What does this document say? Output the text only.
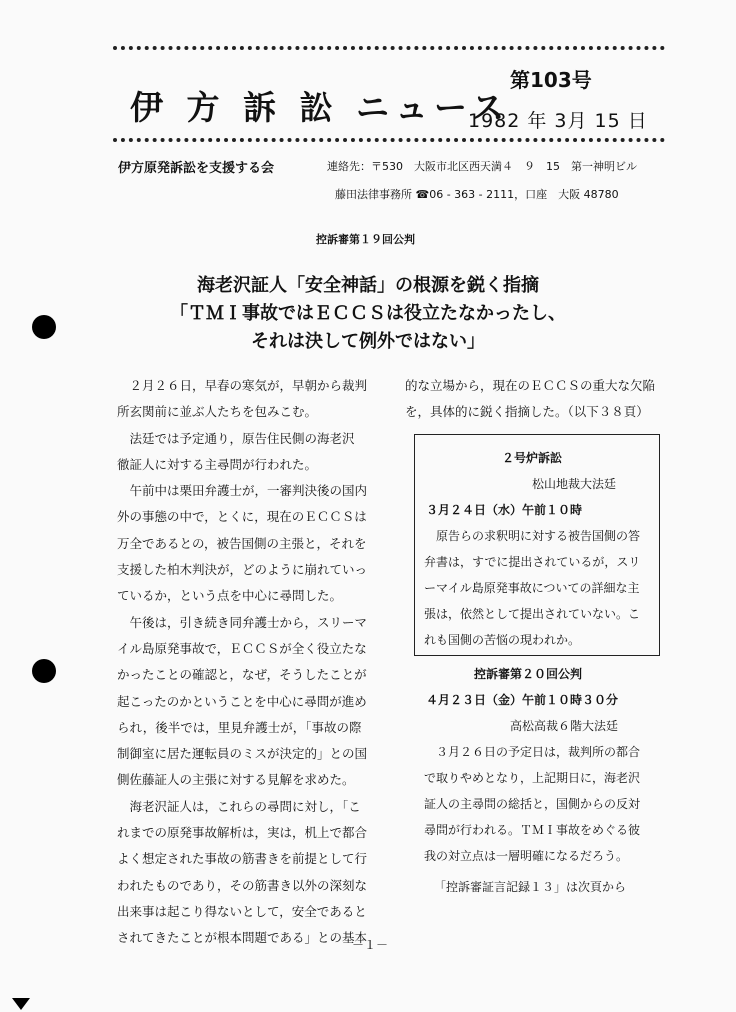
第103号
伊 方 訴 訟 ニュース
1982 年 3月 15 日
伊方原発訴訟を支援する会	連絡先：〒530　大阪市北区西天満４　９　15　第一神明ビル
藤田法律事務所 ☎06 - 363 - 2111，口座　大阪 48780
控訴審第１９回公判
海老沢証人「安全神話」の根源を鋭く指摘
「ＴＭＩ事故ではＥＣＣＳは役立たなかったし、
それは決して例外ではない」

　２月２６日，早春の寒気が，早朝から裁判

所玄関前に並ぶ人たちを包みこむ。

　法廷では予定通り，原告住民側の海老沢

徹証人に対する主尋問が行われた。

　午前中は栗田弁護士が，一審判決後の国内

外の事態の中で，とくに，現在のＥＣＣＳは

万全であるとの，被告国側の主張と，それを

支援した柏木判決が，どのように崩れていっ

ているか，という点を中心に尋問した。

　午後は，引き続き同弁護士から，スリーマ

イル島原発事故で，ＥＣＣＳが全く役立たな

かったことの確認と，なぜ，そうしたことが

起こったのかということを中心に尋問が進め

られ，後半では，里見弁護士が，「事故の際

制御室に居た運転員のミスが決定的」との国

側佐藤証人の主張に対する見解を求めた。

　海老沢証人は，これらの尋問に対し，「こ

れまでの原発事故解析は，実は，机上で都合

よく想定された事故の筋書きを前提として行

われたものであり，その筋書き以外の深刻な

出来事は起こり得ないとして，安全であると

されてきたことが根本問題である」との基本

的な立場から，現在のＥＣＣＳの重大な欠陥

を，具体的に鋭く指摘した。（以下３８頁）

２号炉訴訟

松山地裁大法廷

３月２４日（水）午前１０時

　原告らの求釈明に対する被告国側の答

弁書は，すでに提出されているが，スリ

ーマイル島原発事故についての詳細な主

張は，依然として提出されていない。こ

れも国側の苦悩の現われか。

控訴審第２０回公判

４月２３日（金）午前１０時３０分

高松高裁６階大法廷

　３月２６日の予定日は，裁判所の都合

で取りやめとなり，上記期日に，海老沢

証人の主尋問の総括と，国側からの反対

尋問が行われる。ＴＭＩ事故をめぐる彼

我の対立点は一層明確になるだろう。

「控訴審証言記録１３」は次頁から
－１－
